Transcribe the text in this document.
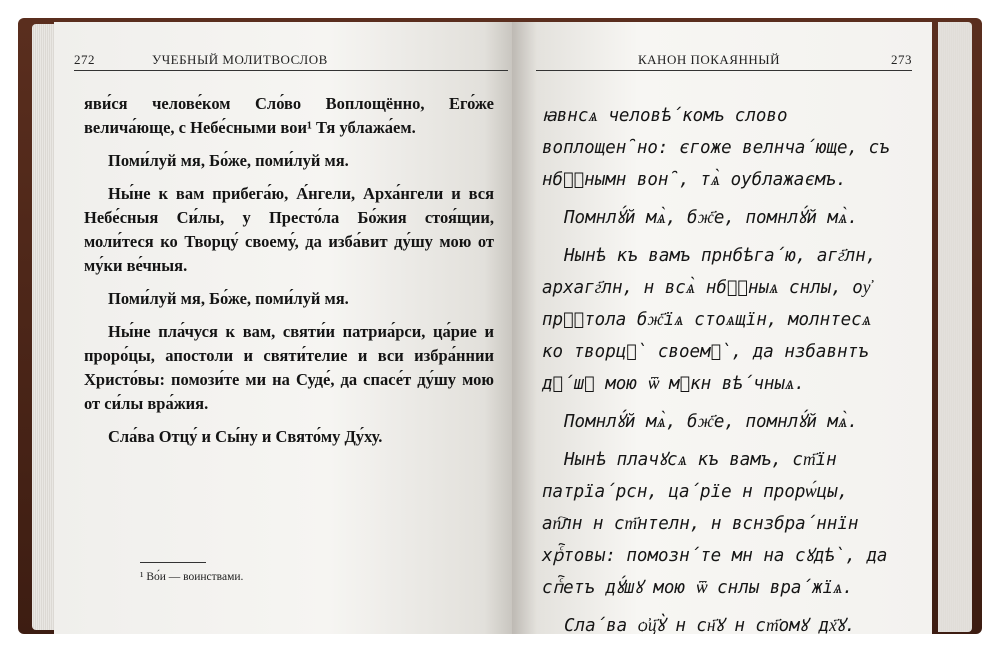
272	УЧЕБНЫЙ МОЛИТВОСЛОВ

яви́ся челове́ком Сло́во Воплощённо, Его́же велича́юще, с Небе́сными вои¹ Тя ублажа́ем.

Поми́луй мя, Бо́же, поми́луй мя.

Ны́не к вам прибега́ю, А́нгели, Арха́нгели и вся Небе́сныя Си́лы, у Престо́ла Бо́жия стоя́щии, моли́теся ко Творцу́ своему́, да изба́вит ду́шу мою от му́ки ве́чныя.

Поми́луй мя, Бо́же, поми́луй мя.

Ны́не пла́чуся к вам, святи́и патриа́рси, ца́рие и проро́цы, апостоли и святи́телие и вси избра́ннии Христо́вы: помози́те ми на Суде́, да спасе́т ду́шу мою от си́лы вра́жия.

Сла́ва Отцу́ и Сы́ну и Свято́му Ду́ху.

¹ Во́и — воинствами.
КАНОН ПОКАЯННЫЙ	273

ꙗвнсѧ человѣ́комъ слово воплощен̑но: єгоже велнча́юще, съ нбⷭ҇нымн вон̑, тѧ̀ оублажаємъ.

Помнлꙋ́й мѧ̀, бж҃е, помнлꙋ́й мѧ̀.

Нынѣ къ вамъ прнбѣга́ю, агг҃лн, архагг҃лн, н всѧ̀ нбⷭ҇ныѧ снлы, оу҆ прⷭ҇тола бж҃їѧ стоѧщїн, молнтесѧ ко творцꙋ̀ своемꙋ̀, да нзбавнтъ дꙋ́шꙋ мою ѿ мꙋкн вѣ́чныѧ.

Помнлꙋ́й мѧ̀, бж҃е, помнлꙋ́й мѧ̀.

Нынѣ плачꙋсѧ къ вамъ, ст҃їн патрїа́рсн, ца́рїе н прорѡ́цы, ап҇лн н ст҃нтелн, н вснзбра́ннїн хрⷭ҇товы: помозн́те мн на сꙋдѣ̀, да спⷭ҇етъ дꙋ́шꙋ мою ѿ снлы вра́жїѧ.

Сла́ва ѻ҆ц҃ꙋ̀ н сн҃ꙋ н ст҃омꙋ дх҃ꙋ.
